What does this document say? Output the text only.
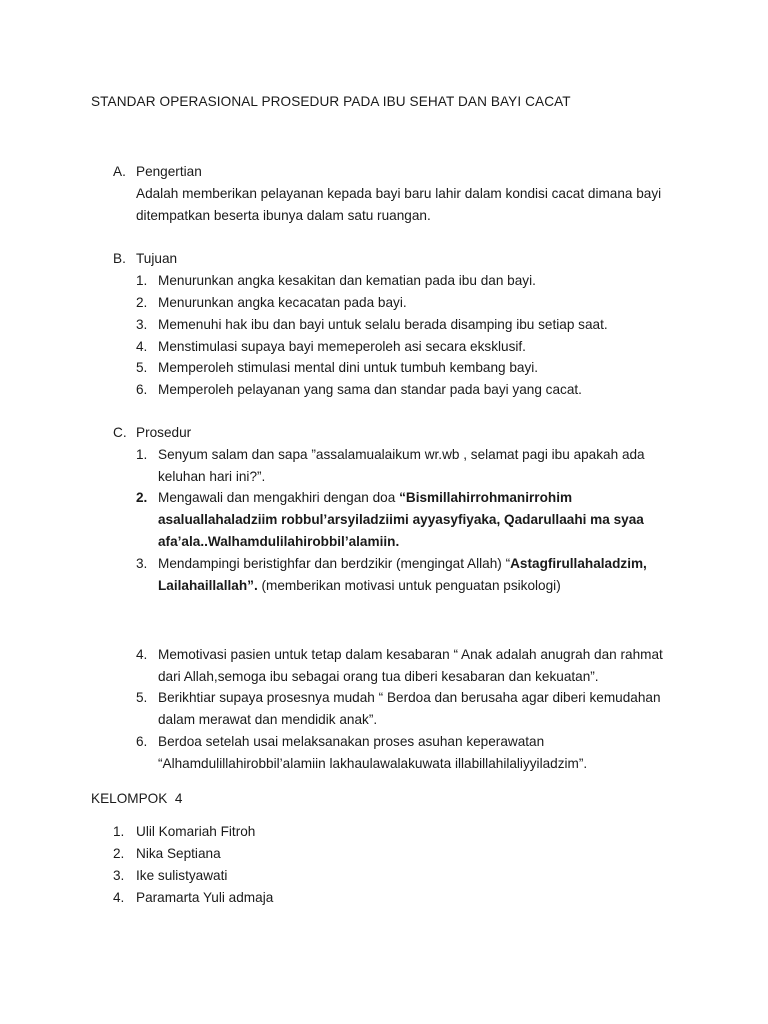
STANDAR OPERASIONAL PROSEDUR PADA IBU SEHAT DAN BAYI CACAT
A. Pengertian
Adalah memberikan pelayanan kepada bayi baru lahir dalam kondisi cacat dimana bayi
ditempatkan beserta ibunya dalam satu ruangan.
B. Tujuan
1. Menurunkan angka kesakitan dan kematian pada ibu dan bayi.
2. Menurunkan angka kecacatan pada bayi.
3. Memenuhi hak ibu dan bayi untuk selalu berada disamping ibu setiap saat.
4. Menstimulasi supaya bayi memeperoleh asi secara eksklusif.
5. Memperoleh stimulasi mental dini untuk tumbuh kembang bayi.
6. Memperoleh pelayanan yang sama dan standar pada bayi yang cacat.
C. Prosedur
1. Senyum salam dan sapa ”assalamualaikum wr.wb , selamat pagi ibu apakah ada
keluhan hari ini?”.
2. Mengawali dan mengakhiri dengan doa “Bismillahirrohmanirrohim
asaluallahaladziim robbul’arsyiladziimi ayyasyfiyaka, Qadarullaahi ma syaa
afa’ala..Walhamdulilahirobbil’alamiin.
3. Mendampingi beristighfar dan berdzikir (mengingat Allah) “Astagfirullahaladzim,
Lailahaillallah”. (memberikan motivasi untuk penguatan psikologi)
4. Memotivasi pasien untuk tetap dalam kesabaran “ Anak adalah anugrah dan rahmat
dari Allah,semoga ibu sebagai orang tua diberi kesabaran dan kekuatan”.
5. Berikhtiar supaya prosesnya mudah “ Berdoa dan berusaha agar diberi kemudahan
dalam merawat dan mendidik anak”.
6. Berdoa setelah usai melaksanakan proses asuhan keperawatan
“Alhamdulillahirobbil’alamiin lakhaulawalakuwata illabillahilaliyyiladzim”.
KELOMPOK  4
1. Ulil Komariah Fitroh
2. Nika Septiana
3. Ike sulistyawati
4. Paramarta Yuli admaja
